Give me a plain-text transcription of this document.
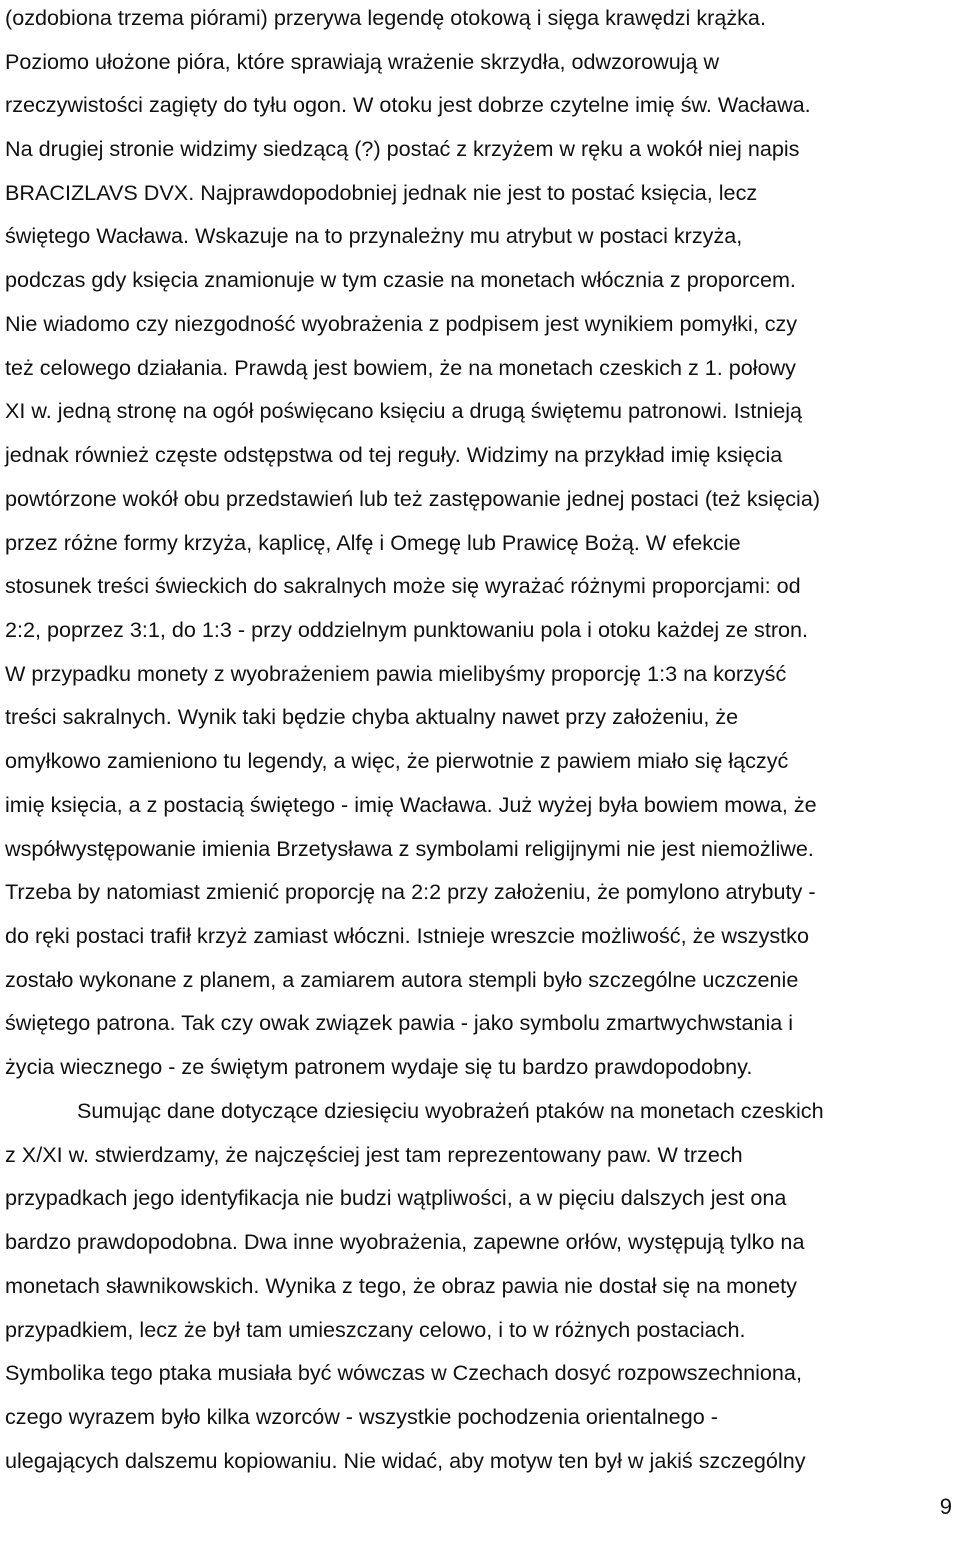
(ozdobiona trzema piórami) przerywa legendę otokową i sięga krawędzi krążka.
Poziomo ułożone pióra, które sprawiają wrażenie skrzydła, odwzorowują w
rzeczywistości zagięty do tyłu ogon. W otoku jest dobrze czytelne imię św. Wacława.
Na drugiej stronie widzimy siedzącą (?) postać z krzyżem w ręku a wokół niej napis
BRACIZLAVS DVX. Najprawdopodobniej jednak nie jest to postać księcia, lecz
świętego Wacława. Wskazuje na to przynależny mu atrybut w postaci krzyża,
podczas gdy księcia znamionuje w tym czasie na monetach włócznia z proporcem.
Nie wiadomo czy niezgodność wyobrażenia z podpisem jest wynikiem pomyłki, czy
też celowego działania. Prawdą jest bowiem, że na monetach czeskich z 1. połowy
XI w. jedną stronę na ogół poświęcano księciu a drugą świętemu patronowi. Istnieją
jednak również częste odstępstwa od tej reguły. Widzimy na przykład imię księcia
powtórzone wokół obu przedstawień lub też zastępowanie jednej postaci (też księcia)
przez różne formy krzyża, kaplicę, Alfę i Omegę lub Prawicę Bożą. W efekcie
stosunek treści świeckich do sakralnych może się wyrażać różnymi proporcjami: od
2:2, poprzez 3:1, do 1:3 - przy oddzielnym punktowaniu pola i otoku każdej ze stron.
W przypadku monety z wyobrażeniem pawia mielibyśmy proporcję 1:3 na korzyść
treści sakralnych. Wynik taki będzie chyba aktualny nawet przy założeniu, że
omyłkowo zamieniono tu legendy, a więc, że pierwotnie z pawiem miało się łączyć
imię księcia, a z postacią świętego - imię Wacława. Już wyżej była bowiem mowa, że
współwystępowanie imienia Brzetysława z symbolami religijnymi nie jest niemożliwe.
Trzeba by natomiast zmienić proporcję na 2:2 przy założeniu, że pomylono atrybuty -
do ręki postaci trafił krzyż zamiast włóczni. Istnieje wreszcie możliwość, że wszystko
zostało wykonane z planem, a zamiarem autora stempli było szczególne uczczenie
świętego patrona. Tak czy owak związek pawia - jako symbolu zmartwychwstania i
życia wiecznego - ze świętym patronem wydaje się tu bardzo prawdopodobny.
Sumując dane dotyczące dziesięciu wyobrażeń ptaków na monetach czeskich
z X/XI w. stwierdzamy, że najczęściej jest tam reprezentowany paw. W trzech
przypadkach jego identyfikacja nie budzi wątpliwości, a w pięciu dalszych jest ona
bardzo prawdopodobna. Dwa inne wyobrażenia, zapewne orłów, występują tylko na
monetach sławnikowskich. Wynika z tego, że obraz pawia nie dostał się na monety
przypadkiem, lecz że był tam umieszczany celowo, i to w różnych postaciach.
Symbolika tego ptaka musiała być wówczas w Czechach dosyć rozpowszechniona,
czego wyrazem było kilka wzorców - wszystkie pochodzenia orientalnego -
ulegających dalszemu kopiowaniu. Nie widać, aby motyw ten był w jakiś szczególny
9
